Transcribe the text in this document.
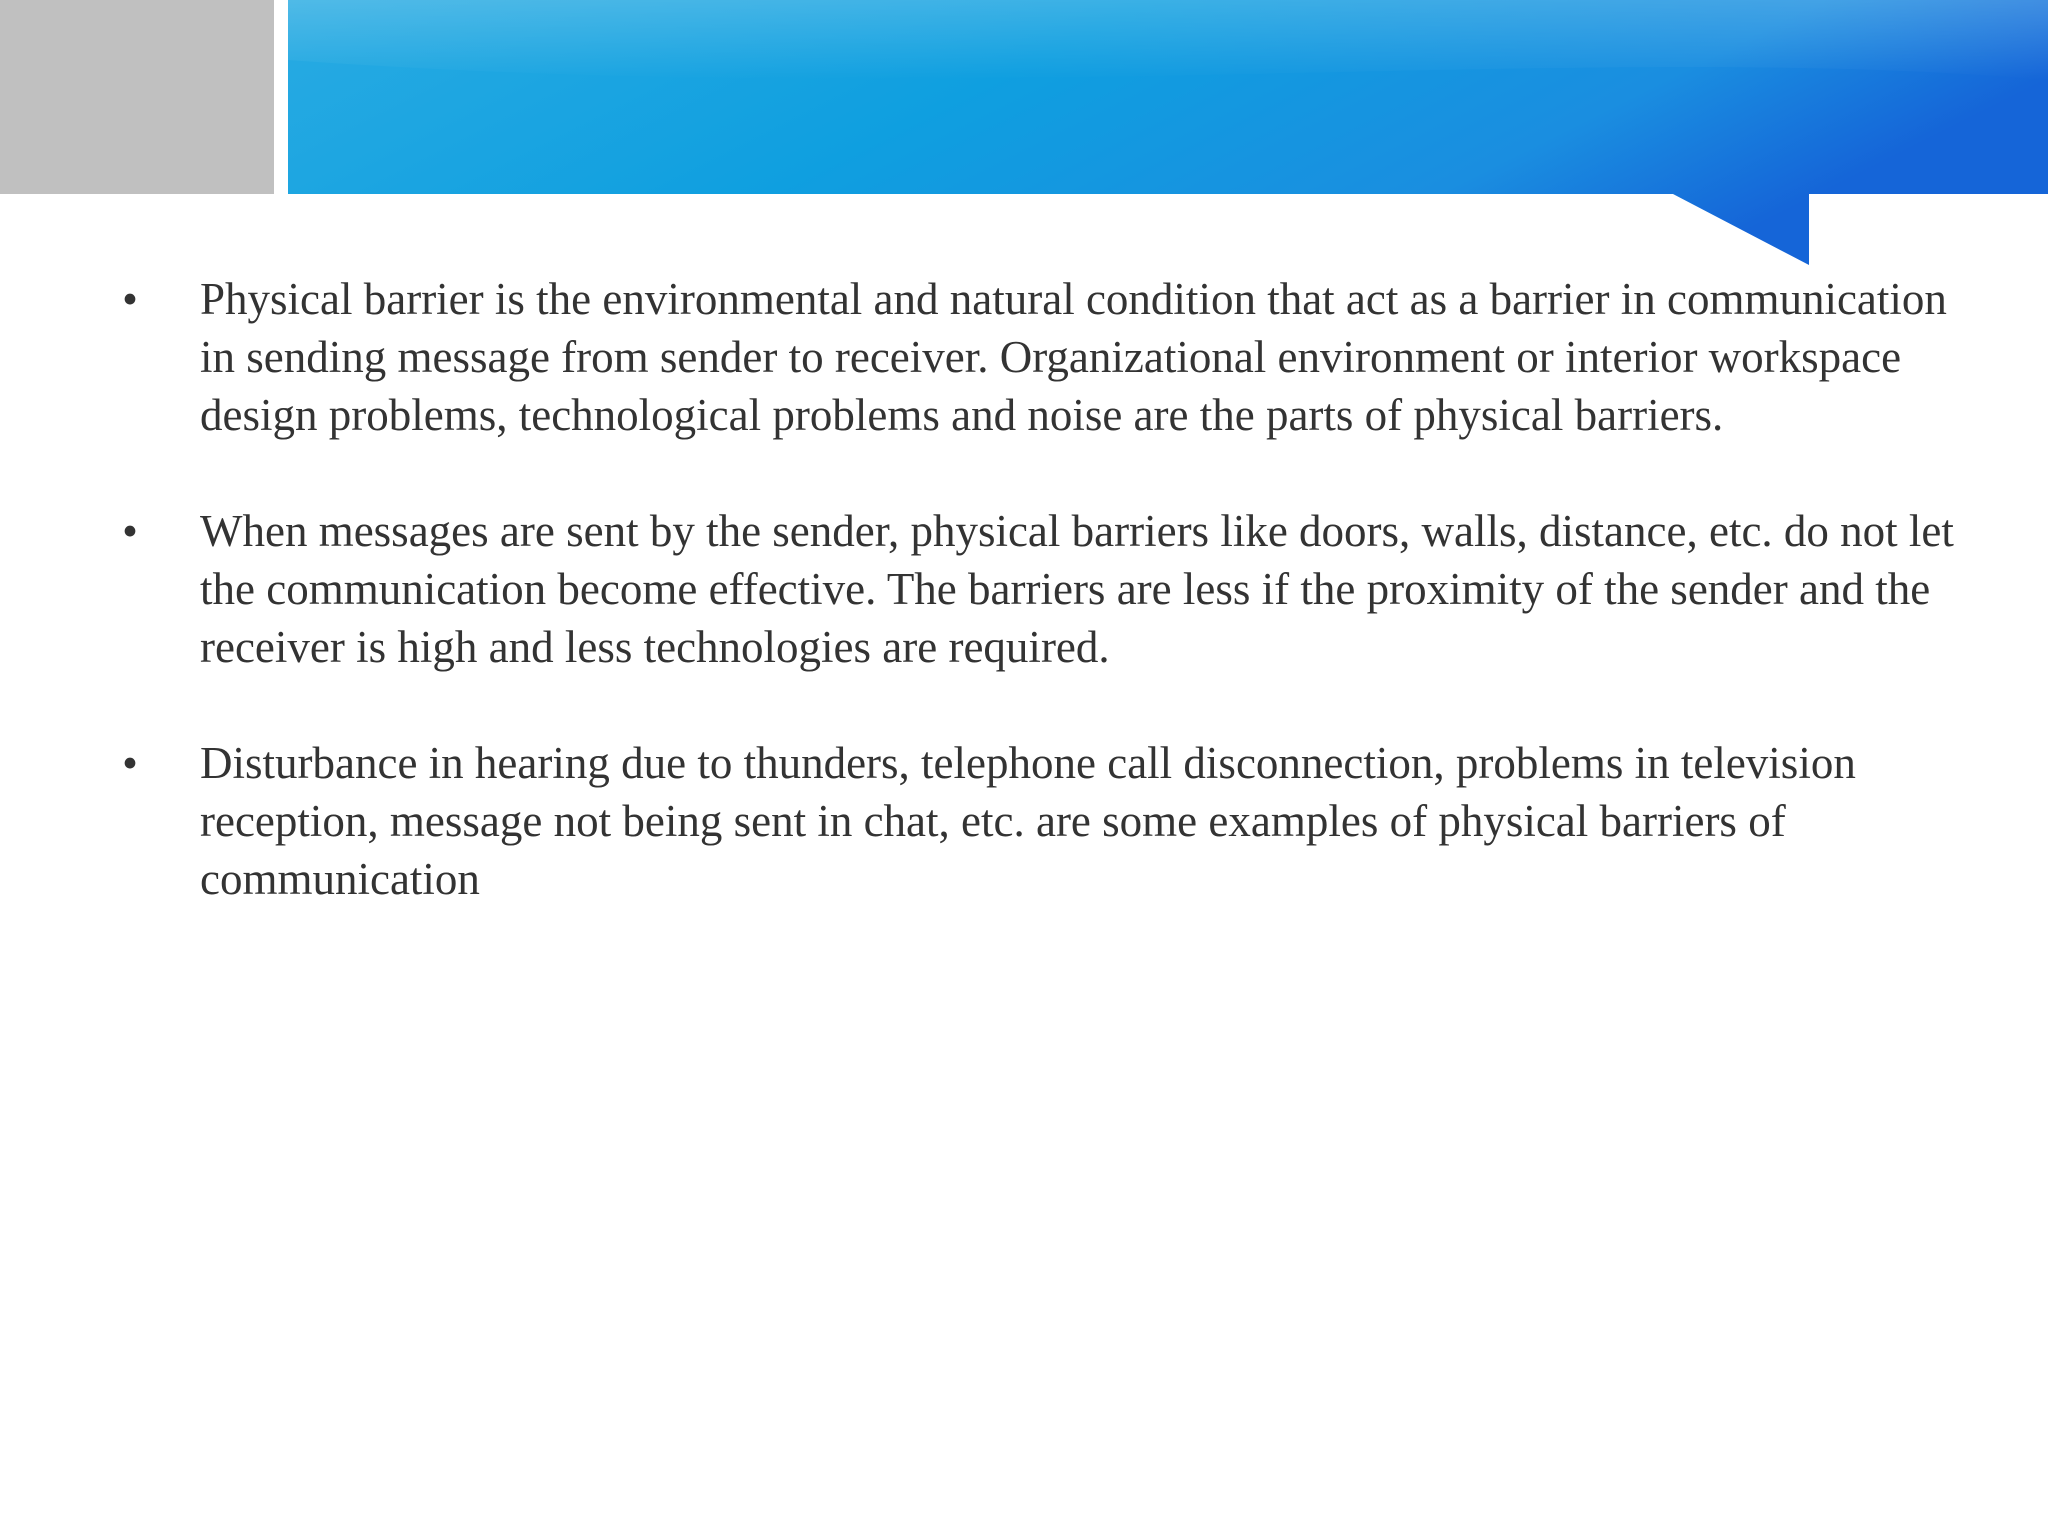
• Physical barrier is the environmental and natural condition that act as a barrier in communication in sending message from sender to receiver. Organizational environment or interior workspace design problems, technological problems and noise are the parts of physical barriers.
• When messages are sent by the sender, physical barriers like doors, walls, distance, etc. do not let the communication become effective. The barriers are less if the proximity of the sender and the receiver is high and less technologies are required.
• Disturbance in hearing due to thunders, telephone call disconnection, problems in television reception, message not being sent in chat, etc. are some examples of physical barriers of communication
